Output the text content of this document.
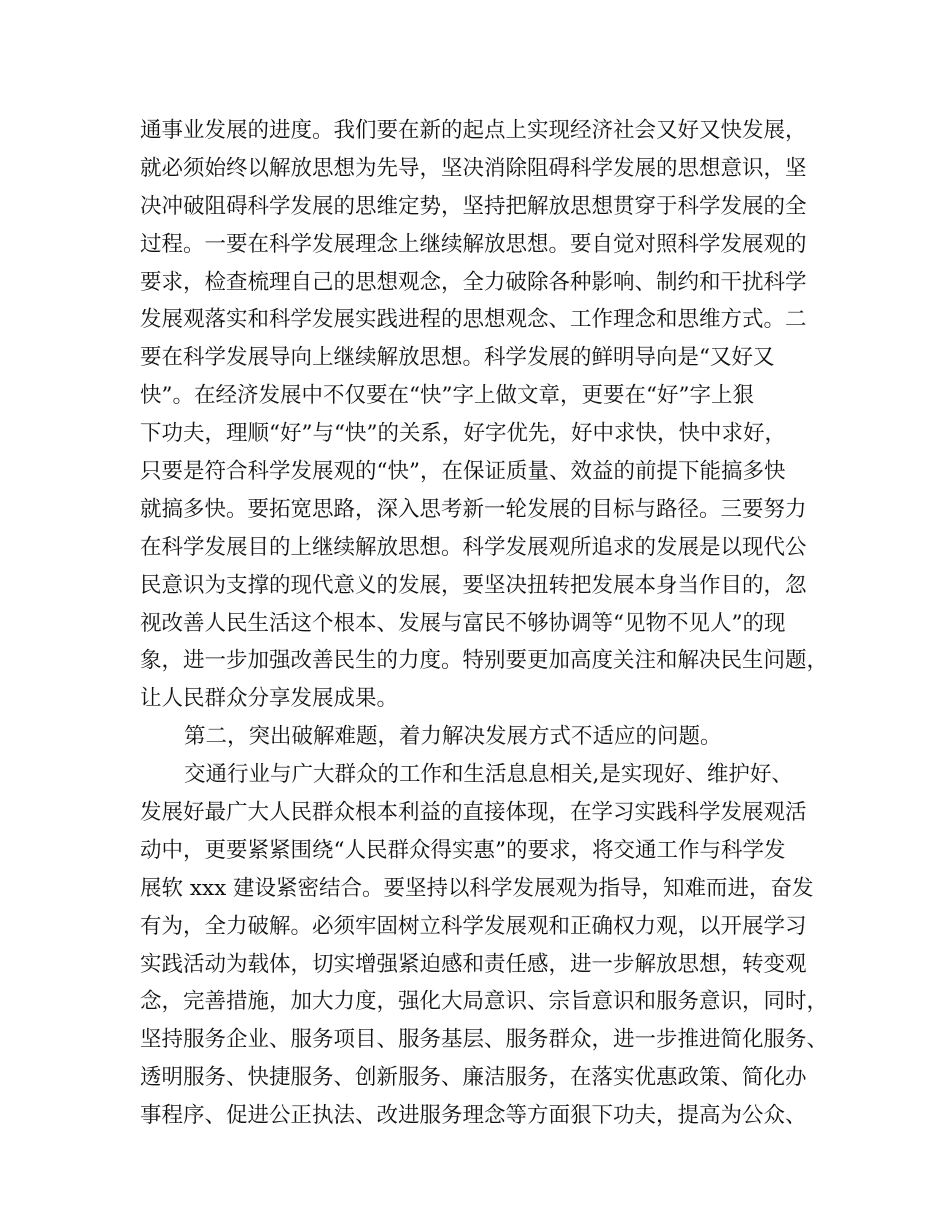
通事业发展的进度。我们要在新的起点上实现经济社会又好又快发展，
就必须始终以解放思想为先导，坚决消除阻碍科学发展的思想意识，坚
决冲破阻碍科学发展的思维定势，坚持把解放思想贯穿于科学发展的全
过程。一要在科学发展理念上继续解放思想。要自觉对照科学发展观的
要求，检查梳理自己的思想观念，全力破除各种影响、制约和干扰科学
发展观落实和科学发展实践进程的思想观念、工作理念和思维方式。二
要在科学发展导向上继续解放思想。科学发展的鲜明导向是“又好又
快”。在经济发展中不仅要在“快”字上做文章，更要在“好”字上狠
下功夫，理顺“好”与“快”的关系，好字优先，好中求快，快中求好，
只要是符合科学发展观的“快”，在保证质量、效益的前提下能搞多快
就搞多快。要拓宽思路，深入思考新一轮发展的目标与路径。三要努力
在科学发展目的上继续解放思想。科学发展观所追求的发展是以现代公
民意识为支撑的现代意义的发展，要坚决扭转把发展本身当作目的，忽
视改善人民生活这个根本、发展与富民不够协调等“见物不见人”的现
象，进一步加强改善民生的力度。特别要更加高度关注和解决民生问题，
让人民群众分享发展成果。
第二，突出破解难题，着力解决发展方式不适应的问题。
交通行业与广大群众的工作和生活息息相关,是实现好、维护好、
发展好最广大人民群众根本利益的直接体现，在学习实践科学发展观活
动中，更要紧紧围绕“人民群众得实惠”的要求，将交通工作与科学发
展软 xxx 建设紧密结合。要坚持以科学发展观为指导，知难而进，奋发
有为，全力破解。必须牢固树立科学发展观和正确权力观，以开展学习
实践活动为载体，切实增强紧迫感和责任感，进一步解放思想，转变观
念，完善措施，加大力度，强化大局意识、宗旨意识和服务意识，同时，
坚持服务企业、服务项目、服务基层、服务群众，进一步推进简化服务、
透明服务、快捷服务、创新服务、廉洁服务，在落实优惠政策、简化办
事程序、促进公正执法、改进服务理念等方面狠下功夫，提高为公众、
